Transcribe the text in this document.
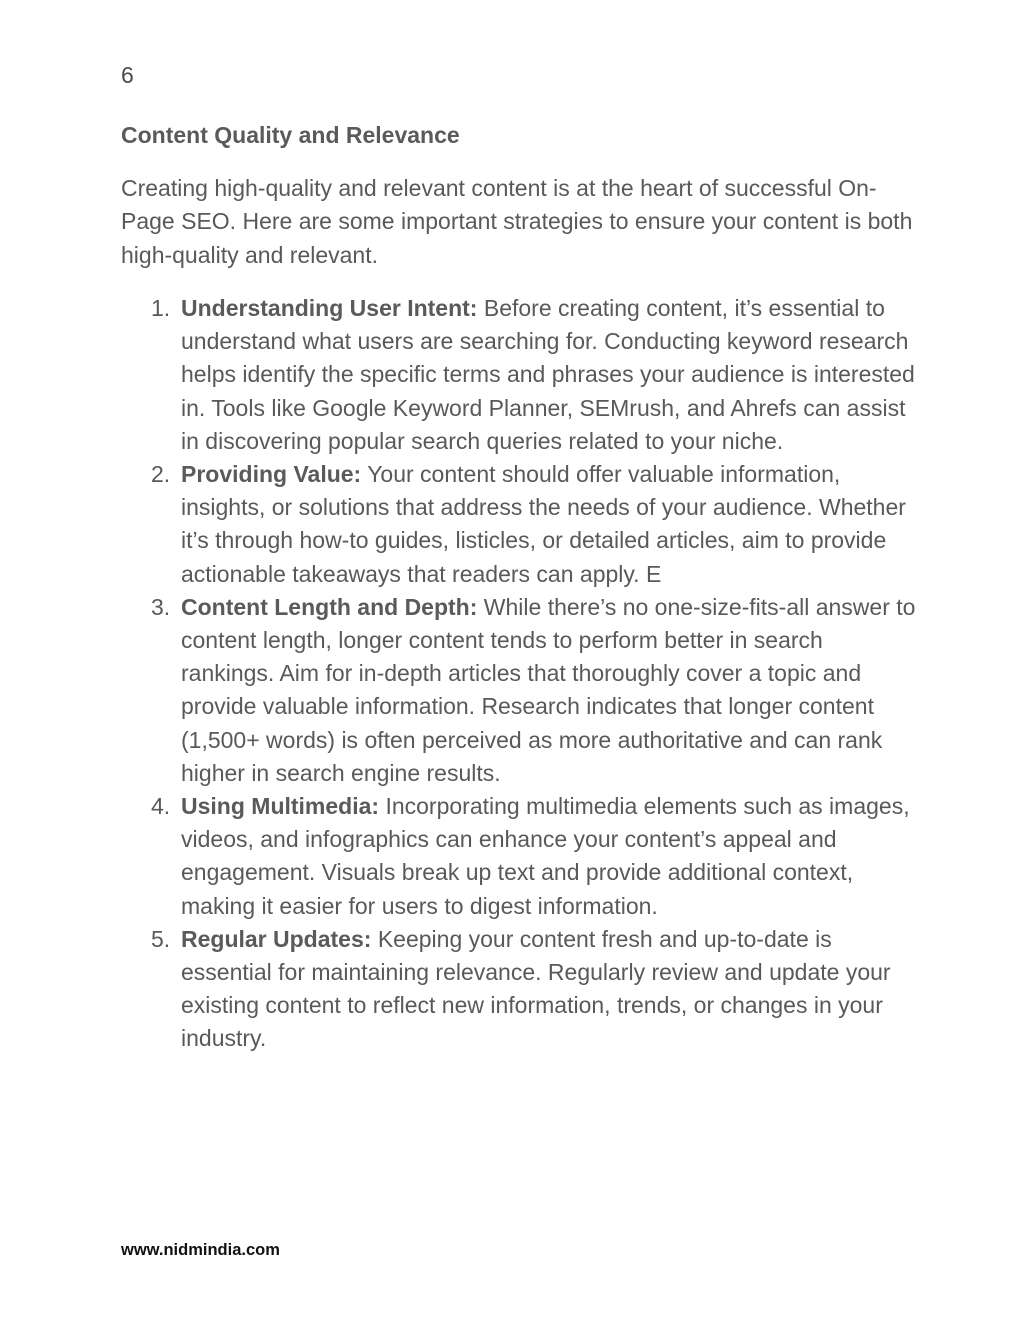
6
Content Quality and Relevance

Creating high-quality and relevant content is at the heart of successful On-Page SEO. Here are some important strategies to ensure your content is both high-quality and relevant.

1. Understanding User Intent: Before creating content, it’s essential to understand what users are searching for. Conducting keyword research helps identify the specific terms and phrases your audience is interested in. Tools like Google Keyword Planner, SEMrush, and Ahrefs can assist in discovering popular search queries related to your niche.
2. Providing Value: Your content should offer valuable information, insights, or solutions that address the needs of your audience. Whether it’s through how-to guides, listicles, or detailed articles, aim to provide actionable takeaways that readers can apply. E
3. Content Length and Depth: While there’s no one-size-fits-all answer to content length, longer content tends to perform better in search rankings. Aim for in-depth articles that thoroughly cover a topic and provide valuable information. Research indicates that longer content (1,500+ words) is often perceived as more authoritative and can rank higher in search engine results.
4. Using Multimedia: Incorporating multimedia elements such as images, videos, and infographics can enhance your content’s appeal and engagement. Visuals break up text and provide additional context, making it easier for users to digest information.
5. Regular Updates: Keeping your content fresh and up-to-date is essential for maintaining relevance. Regularly review and update your existing content to reflect new information, trends, or changes in your industry.
www.nidmindia.com
